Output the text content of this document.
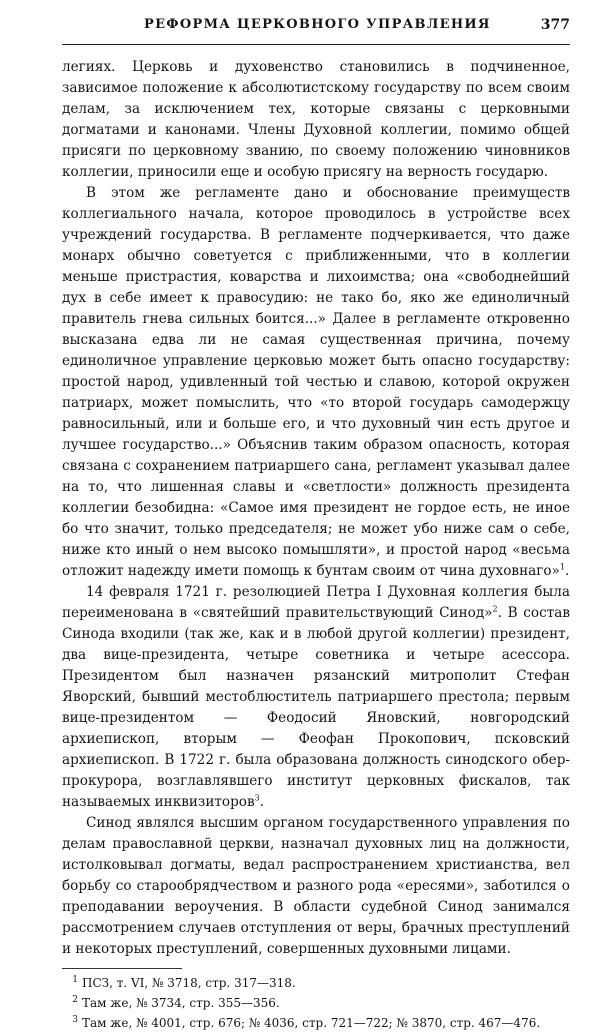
РЕФОРМА ЦЕРКОВНОГО УПРАВЛЕНИЯ	377

легиях. Церковь и духовенство становились в подчиненное, зависимое положение к абсолютистскому государству по всем своим делам, за исключением тех, которые связаны с церковными догматами и канонами. Члены Духовной коллегии, помимо общей присяги по церковному званию, по своему положению чиновников коллегии, приносили еще и особую присягу на верность государю.

В этом же регламенте дано и обоснование преимуществ коллегиального начала, которое проводилось в устройстве всех учреждений государства. В регламенте подчеркивается, что даже монарх обычно советуется с приближенными, что в коллегии меньше пристрастия, коварства и лихоимства; она «свободнейший дух в себе имеет к правосудию: не тако бо, яко же единоличный правитель гнева сильных боится...» Далее в регламенте откровенно высказана едва ли не самая существенная причина, почему единоличное управление церковью может быть опасно государству: простой народ, удивленный той честью и славою, которой окружен патриарх, может помыслить, что «то второй государь самодержцу равносильный, или и больше его, и что духовный чин есть другое и лучшее государство...» Объяснив таким образом опасность, которая связана с сохранением патриаршего сана, регламент указывал далее на то, что лишенная славы и «светлости» должность президента коллегии безобидна: «Самое имя президент не гордое есть, не иное бо что значит, только председателя; не может убо ниже сам о себе, ниже кто иный о нем высоко помышляти», и простой народ «весьма отложит надежду имети помощь к бунтам своим от чина духовнаго»$^1$.

14 февраля 1721 г. резолюцией Петра I Духовная коллегия была переименована в «святейший правительствующий Синод»$^2$. В состав Синода входили (так же, как и в любой другой коллегии) президент, два вице-президента, четыре советника и четыре асессора. Президентом был назначен рязанский митрополит Стефан Яворский, бывший местоблюститель патриаршего престола; первым вице-президентом — Феодосий Яновский, новгородский архиепископ, вторым — Феофан Прокопович, псковский архиепископ. В 1722 г. была образована должность синодского обер-прокурора, возглавлявшего институт церковных фискалов, так называемых инквизиторов$^3$.

Синод являлся высшим органом государственного управления по делам православной церкви, назначал духовных лиц на должности, истолковывал догматы, ведал распространением христианства, вел борьбу со старообрядчеством и разного рода «ересями», заботился о преподавании вероучения. В области судебной Синод занимался рассмотрением случаев отступления от веры, брачных преступлений и некоторых преступлений, совершенных духовными лицами.

1 ПСЗ, т. VI, № 3718, стр. 317—318.
2 Там же, № 3734, стр. 355—356.
3 Там же, № 4001, стр. 676; № 4036, стр. 721—722; № 3870, стр. 467—476.
